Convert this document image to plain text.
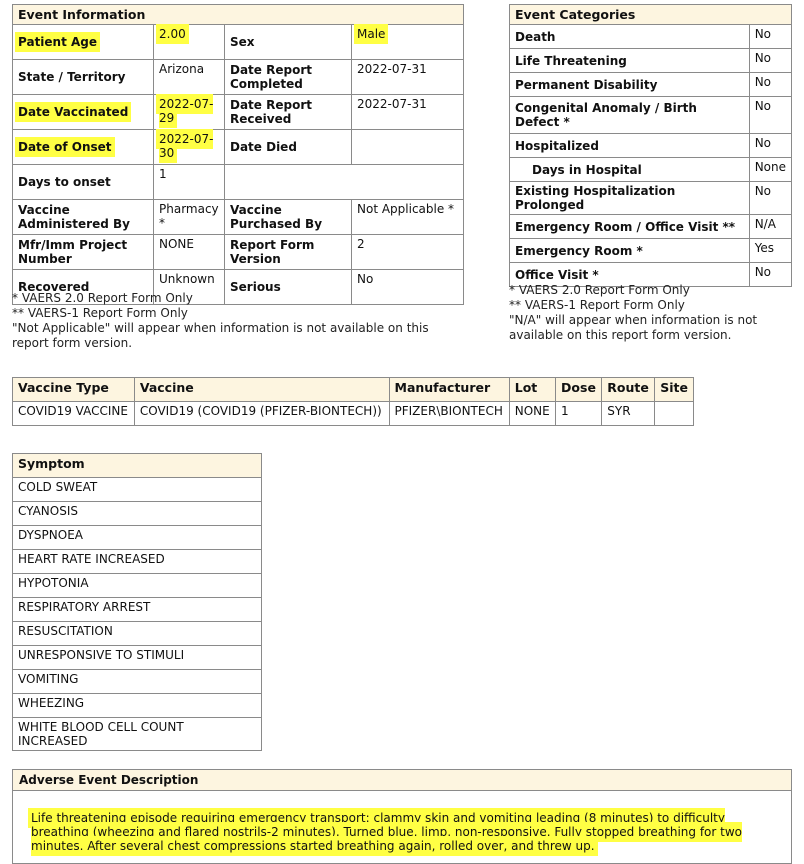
Event Information			
Patient Age	2.00	Sex	Male
State / Territory	Arizona	Date Report Completed	2022-07-31
Date Vaccinated	2022-07-29	Date Report Received	2022-07-31
Date of Onset	2022-07-30	Date Died	
Days to onset	1		
Vaccine Administered By	Pharmacy *	Vaccine Purchased By	Not Applicable *
Mfr/Imm Project Number	NONE	Report Form Version	2
Recovered	Unknown	Serious	No
* VAERS 2.0 Report Form Only
** VAERS-1 Report Form Only
"Not Applicable" will appear when information is not available on this report form version.
Event Categories	
Death	No
Life Threatening	No
Permanent Disability	No
Congenital Anomaly / Birth Defect *	No
Hospitalized	No
Days in Hospital	None
Existing Hospitalization Prolonged	No
Emergency Room / Office Visit **	N/A
Emergency Room *	Yes
Office Visit *	No
* VAERS 2.0 Report Form Only
** VAERS-1 Report Form Only
"N/A" will appear when information is not available on this report form version.
Vaccine Type	Vaccine	Manufacturer	Lot	Dose	Route	Site
COVID19 VACCINE	COVID19 (COVID19 (PFIZER-BIONTECH))	PFIZER\BIONTECH	NONE	1	SYR	
Symptom
COLD SWEAT
CYANOSIS
DYSPNOEA
HEART RATE INCREASED
HYPOTONIA
RESPIRATORY ARREST
RESUSCITATION
UNRESPONSIVE TO STIMULI
VOMITING
WHEEZING
WHITE BLOOD CELL COUNT INCREASED
Adverse Event Description
Life threatening episode requiring emergency transport: clammy skin and vomiting leading (8 minutes) to difficulty breathing (wheezing and flared nostrils-2 minutes). Turned blue, limp, non-responsive. Fully stopped breathing for two minutes. After several chest compressions started breathing again, rolled over, and threw up.
